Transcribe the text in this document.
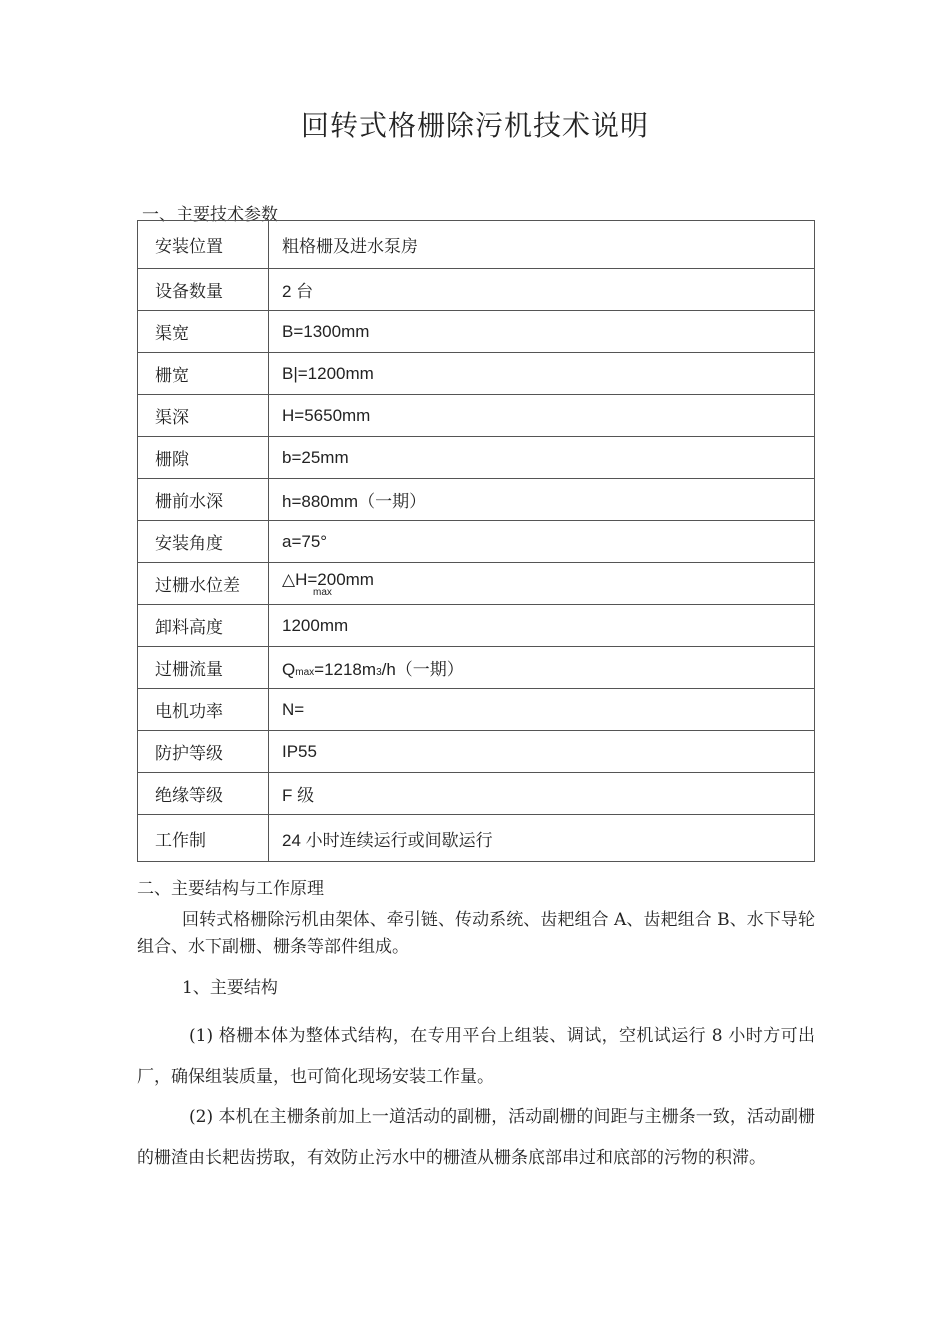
回转式格栅除污机技术说明
一、主要技术参数
安装位置	粗格栅及进水泵房
设备数量	2 台
渠宽	B=1300mm
栅宽	B|=1200mm
渠深	H=5650mm
栅隙	b=25mm
栅前水深	h=880mm（一期）
安装角度	a=75°
过栅水位差	△H=200mm
max

卸料高度	1200mm
过栅流量	Qmax=1218m3/h（一期）
电机功率	N=
防护等级	IP55
绝缘等级	F 级
工作制	24 小时连续运行或间歇运行
二、主要结构与工作原理
回转式格栅除污机由架体、牵引链、传动系统、齿耙组合 A、齿耙组合 B、水下导轮组合、水下副栅、栅条等部件组成。
1、主要结构
(1) 格栅本体为整体式结构，在专用平台上组装、调试，空机试运行 8 小时方可出厂，确保组装质量，也可简化现场安装工作量。
(2) 本机在主栅条前加上一道活动的副栅，活动副栅的间距与主栅条一致，活动副栅的栅渣由长耙齿捞取，有效防止污水中的栅渣从栅条底部串过和底部的污物的积滞。
